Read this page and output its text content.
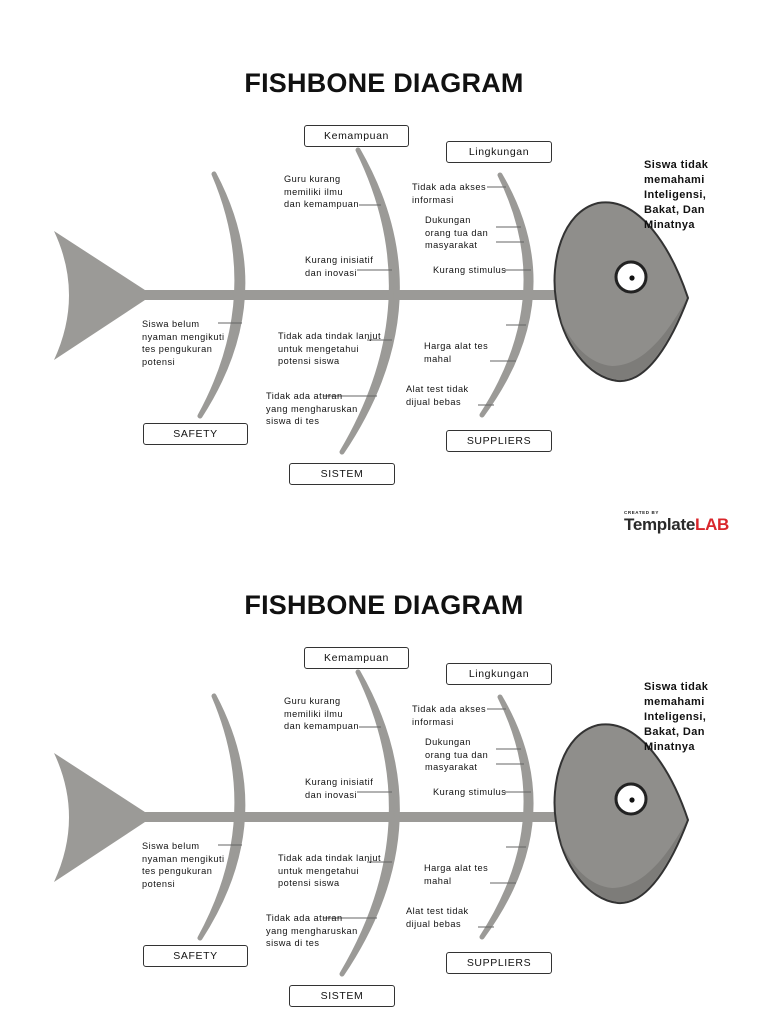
FISHBONE DIAGRAM
Kemampuan
Lingkungan
SAFETY
SISTEM
SUPPLIERS
Guru kurang
memiliki ilmu
dan kemampuan
Kurang inisiatif
dan inovasi
Tidak ada akses
informasi
Dukungan
orang tua dan
masyarakat
Kurang stimulus
Siswa belum
nyaman mengikuti
tes pengukuran
potensi
Tidak ada tindak lanjut
untuk mengetahui
potensi siswa
Tidak ada aturan
yang mengharuskan
siswa di tes
Harga alat tes
mahal
Alat test tidak
dijual bebas
Siswa tidak
memahami
Inteligensi,
Bakat, Dan
Minatnya
CREATED BY
TemplateLAB
FISHBONE DIAGRAM
Kemampuan
Lingkungan
SAFETY
SISTEM
SUPPLIERS
Guru kurang
memiliki ilmu
dan kemampuan
Kurang inisiatif
dan inovasi
Tidak ada akses
informasi
Dukungan
orang tua dan
masyarakat
Kurang stimulus
Siswa belum
nyaman mengikuti
tes pengukuran
potensi
Tidak ada tindak lanjut
untuk mengetahui
potensi siswa
Tidak ada aturan
yang mengharuskan
siswa di tes
Harga alat tes
mahal
Alat test tidak
dijual bebas
Siswa tidak
memahami
Inteligensi,
Bakat, Dan
Minatnya
